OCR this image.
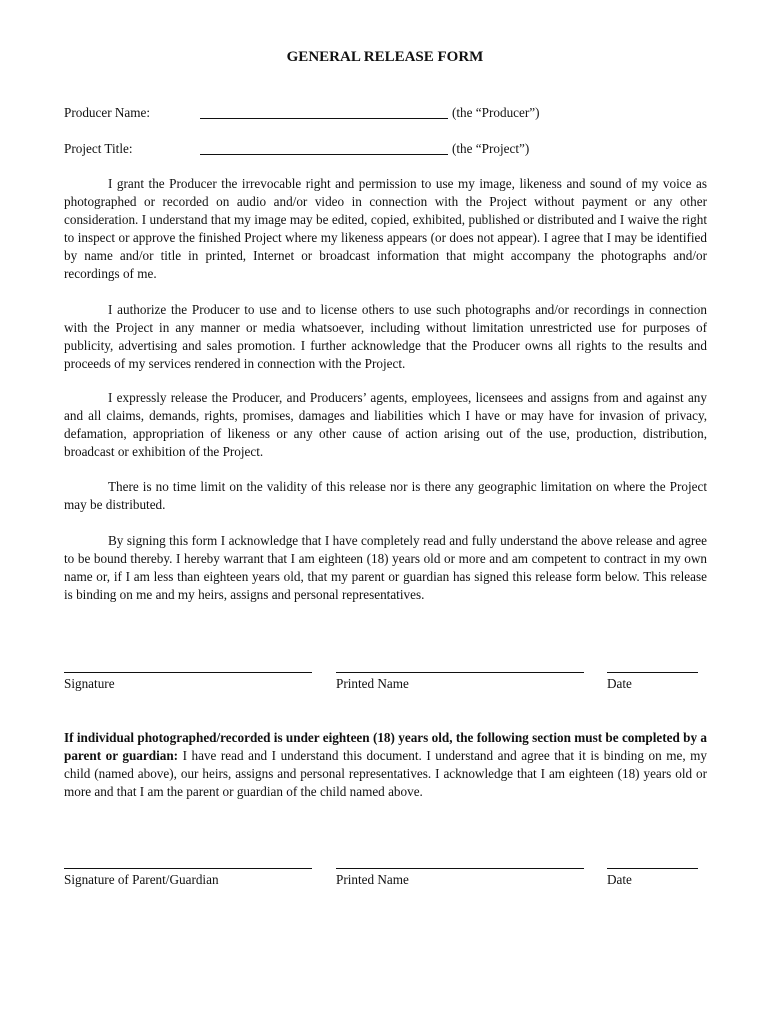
GENERAL RELEASE FORM
Producer Name:	(the “Producer”)
Project Title:	(the “Project”)

I grant the Producer the irrevocable right and permission to use my image, likeness and sound of my voice as photographed or recorded on audio and/or video in connection with the Project without payment or any other consideration. I understand that my image may be edited, copied, exhibited, published or distributed and I waive the right to inspect or approve the finished Project where my likeness appears (or does not appear). I agree that I may be identified by name and/or title in printed, Internet or broadcast information that might accompany the photographs and/or recordings of me.

I authorize the Producer to use and to license others to use such photographs and/or recordings in connection with the Project in any manner or media whatsoever, including without limitation unrestricted use for purposes of publicity, advertising and sales promotion. I further acknowledge that the Producer owns all rights to the results and proceeds of my services rendered in connection with the Project.

I expressly release the Producer, and Producers’ agents, employees, licensees and assigns from and against any and all claims, demands, rights, promises, damages and liabilities which I have or may have for invasion of privacy, defamation, appropriation of likeness or any other cause of action arising out of the use, production, distribution, broadcast or exhibition of the Project.

There is no time limit on the validity of this release nor is there any geographic limitation on where the Project may be distributed.

By signing this form I acknowledge that I have completely read and fully understand the above release and agree to be bound thereby. I hereby warrant that I am eighteen (18) years old or more and am competent to contract in my own name or, if I am less than eighteen years old, that my parent or guardian has signed this release form below. This release is binding on me and my heirs, assigns and personal representatives.

Signature	Printed Name	Date

If individual photographed/recorded is under eighteen (18) years old, the following section must be completed by a parent or guardian: I have read and I understand this document. I understand and agree that it is binding on me, my child (named above), our heirs, assigns and personal representatives. I acknowledge that I am eighteen (18) years old or more and that I am the parent or guardian of the child named above.

Signature of Parent/Guardian	Printed Name	Date
